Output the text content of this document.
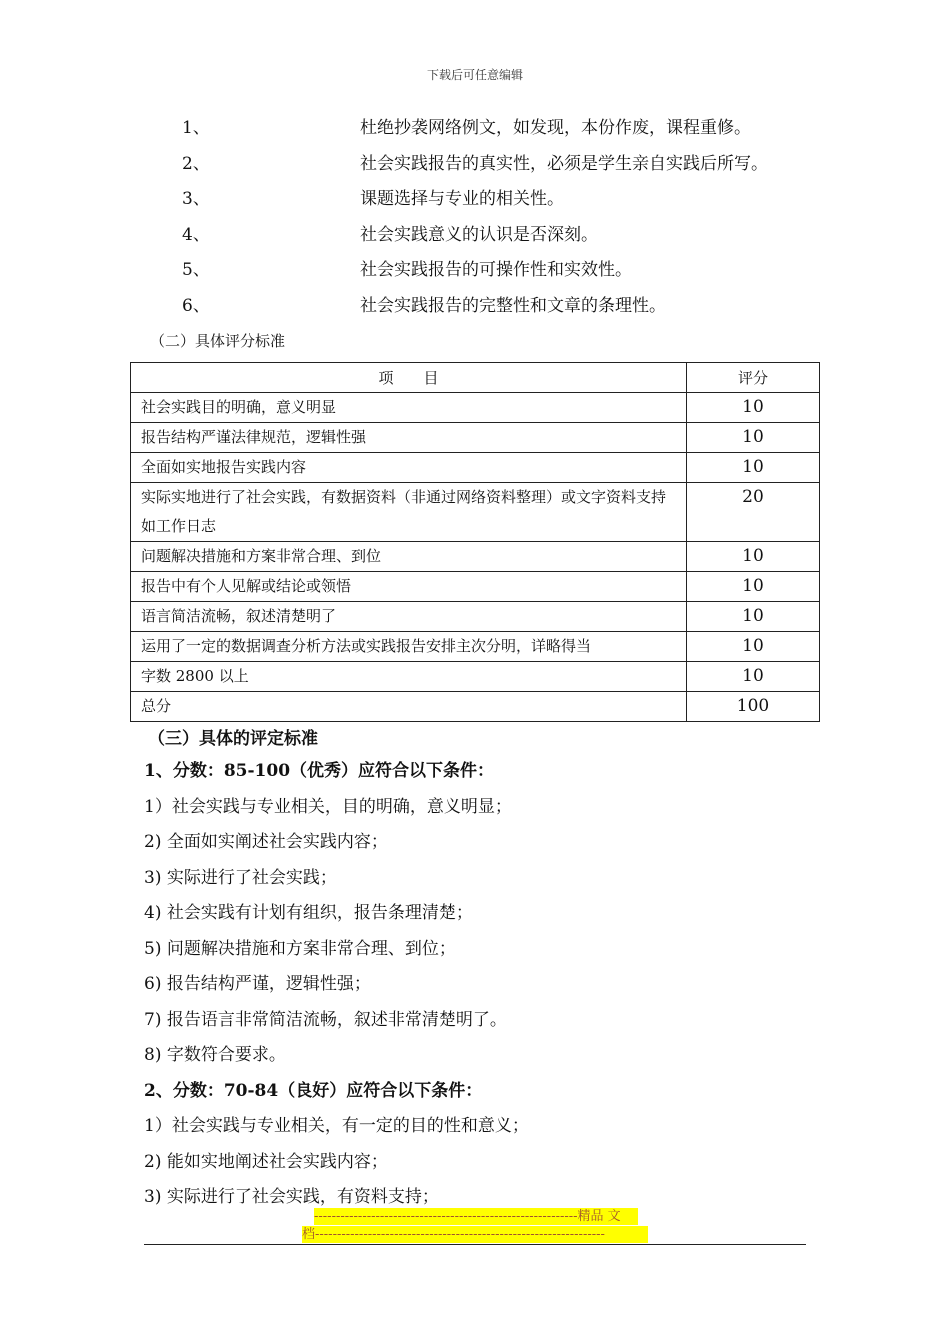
下载后可任意编辑
1、	杜绝抄袭网络例文，如发现，本份作废，课程重修。
2、	社会实践报告的真实性，必须是学生亲自实践后所写。
3、	课题选择与专业的相关性。
4、	社会实践意义的认识是否深刻。
5、	社会实践报告的可操作性和实效性。
6、	社会实践报告的完整性和文章的条理性。
（二）具体评分标准
项　　目	评分
社会实践目的明确，意义明显	10
报告结构严谨法律规范，逻辑性强	10
全面如实地报告实践内容	10
实际实地进行了社会实践，有数据资料（非通过网络资料整理）或文字资料支持如工作日志	20
问题解决措施和方案非常合理、到位	10
报告中有个人见解或结论或领悟	10
语言简洁流畅，叙述清楚明了	10
运用了一定的数据调查分析方法或实践报告安排主次分明，详略得当	10
字数 2800 以上	10
总分	100
（三）具体的评定标准
1、分数：85-100（优秀）应符合以下条件：
1）社会实践与专业相关，目的明确，意义明显；
2) 全面如实阐述社会实践内容；
3) 实际进行了社会实践；
4) 社会实践有计划有组织，报告条理清楚；
5) 问题解决措施和方案非常合理、到位；
6) 报告结构严谨，逻辑性强；
7) 报告语言非常简洁流畅，叙述非常清楚明了。
8) 字数符合要求。
2、分数：70-84（良好）应符合以下条件：
1）社会实践与专业相关，有一定的目的性和意义；
2) 能如实地阐述社会实践内容；
3) 实际进行了社会实践，有资料支持；
------------------------------------------------------------精品 文
档------------------------------------------------------------------
